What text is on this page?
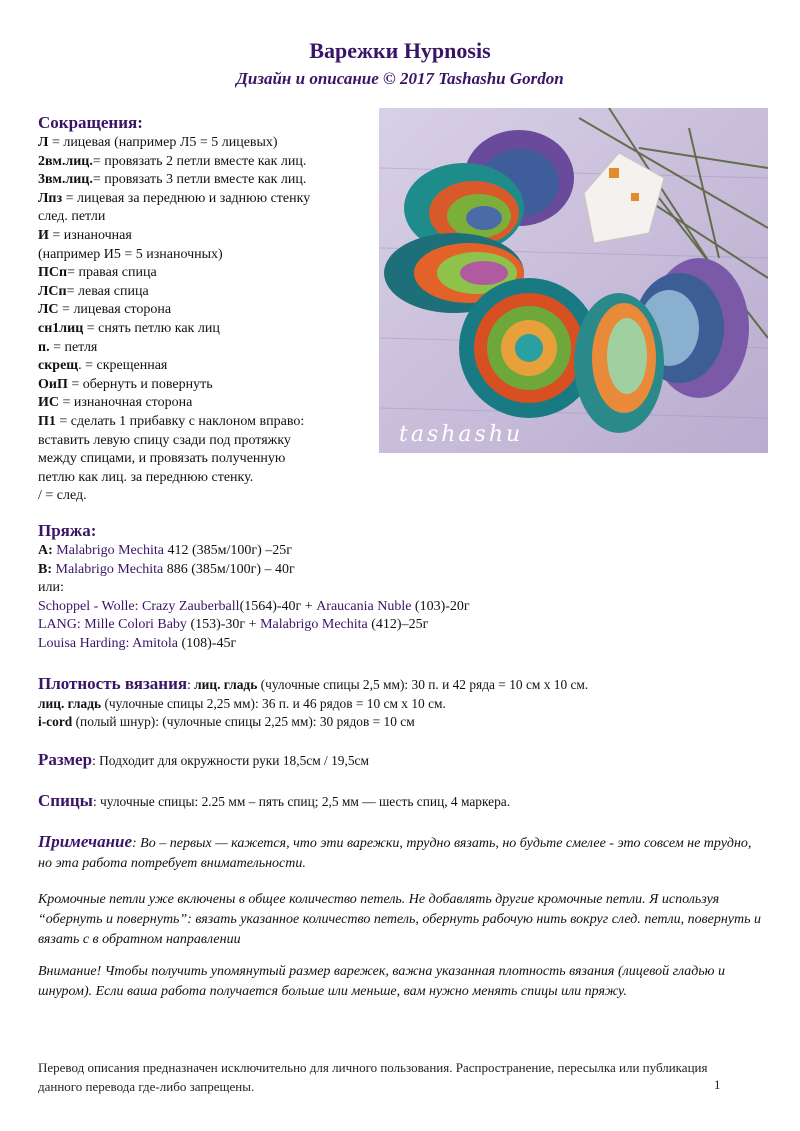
Варежки Hypnosis
Дизайн и описание © 2017 Tashashu Gordon
Сокращения:
Л = лицевая (например Л5 = 5 лицевых)
2вм.лиц.= провязать 2 петли вместе как лиц.
3вм.лиц.= провязать 3 петли вместе как лиц.
Лпз = лицевая за переднюю и заднюю стенку
след. петли
И = изнаночная
(например И5 = 5 изнаночных)
ПСп= правая спица
ЛСп= левая спица
ЛС = лицевая сторона
сн1лиц = снять петлю как лиц
п. = петля
скрещ. = скрещенная
ОиП = обернуть и повернуть
ИС = изнаночная сторона
П1 = сделать 1 прибавку с наклоном вправо:
вставить левую спицу сзади под протяжку
между спицами, и провязать полученную
петлю как лиц. за переднюю стенку.
/ = след.
tashashu
Пряжа:
A: Malabrigo Mechita 412 (385м/100г) –25г
B: Malabrigo Mechita 886 (385м/100г) – 40г
или:
Schoppel - Wolle: Crazy Zauberball(1564)-40г + Araucania Nuble (103)-20г
LANG: Mille Colori Baby (153)-30г + Malabrigo Mechita (412)–25г
Louisa Harding: Amitola (108)-45г
Плотность вязания: лиц. гладь (чулочные спицы 2,5 мм): 30 п. и 42 ряда = 10 см х 10 см.
лиц. гладь (чулочные спицы 2,25 мм): 36 п. и 46 рядов = 10 см х 10 см.
i-cord (полый шнур): (чулочные спицы 2,25 мм): 30 рядов = 10 см
Размер: Подходит для окружности руки 18,5см / 19,5см
Спицы: чулочные спицы: 2.25 мм – пять спиц; 2,5 мм — шесть спиц, 4 маркера.
Примечание: Во – первых — кажется, что эти варежки, трудно вязать, но будьте смелее - это совсем не трудно, но эта работа потребует внимательности.
Кромочные петли уже включены в общее количество петель. Не добавлять другие кромочные петли. Я используя “обернуть и повернуть”: вязать указанное количество петель, обернуть рабочую нить вокруг след. петли, повернуть и вязать с в обратном направлении
Внимание! Чтобы получить упомянутый размер варежек, важна указанная плотность вязания (лицевой гладью и шнуром). Если ваша работа получается больше или меньше, вам нужно менять спицы или пряжу.
Перевод описания предназначен исключительно для личного пользования. Распространение, пересылка или публикация данного перевода где-либо запрещены.	1
